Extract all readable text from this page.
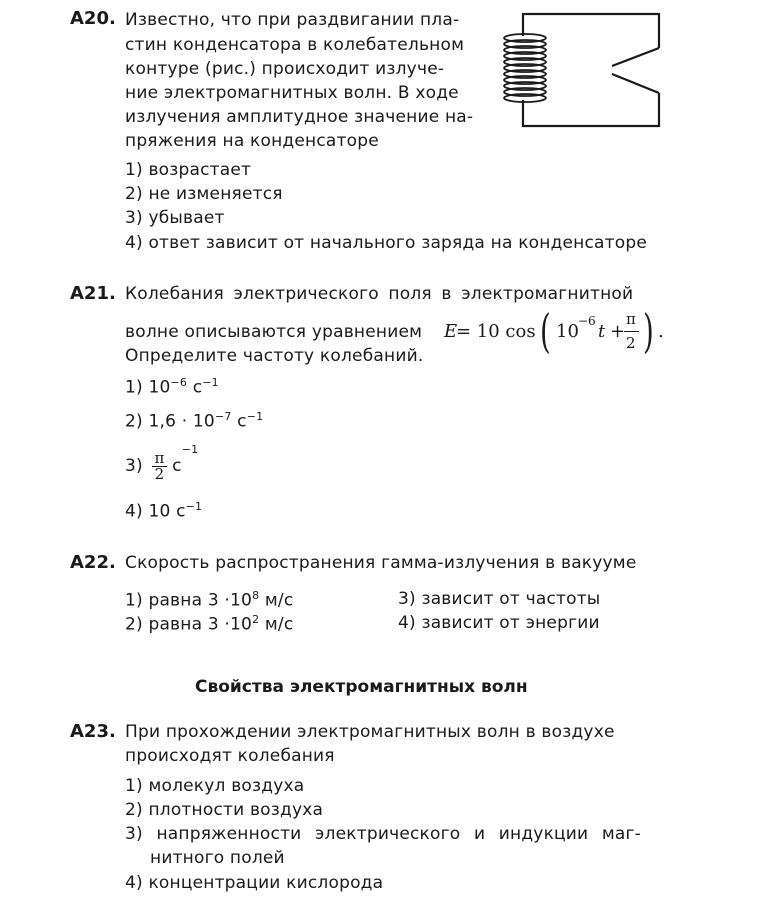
А20. Известно, что при раздвигании пла-
стин конденсатора в колебательном
контуре (рис.) происходит излуче-
ние электромагнитных волн. В ходе
излучения амплитудное значение на-
пряжения на конденсаторе
1) возрастает
2) не изменяется
3) убывает
4) ответ зависит от начального заряда на конденсаторе
А21. Колебания электрического поля в электромагнитной
волне описываются уравнением E
= 10 cos ( 10 −6 t +
π
2 ) .
Определите частоту колебаний.
1) $10^{-6}$ $с^{-1}$
2) $1,6 \cdot 10^{-7}$ $с^{-1}$
$3) \frac{\pi}{2} с^{-1}$
4) 10 $с^{-1}$
А22. Скорость распространения гамма-излучения в вакууме
1) равна $3 \cdot 10^8$ м/с
2) равна $3 \cdot 10^2$ м/с
3) зависит от частоты
4) зависит от энергии
Свойства электромагнитных волн
А23. При прохождении электромагнитных волн в воздухе
происходят колебания
1) молекул воздуха
2) плотности воздуха
3) напряженности электрического и индукции маг-
нитного полей
4) концентрации кислорода
